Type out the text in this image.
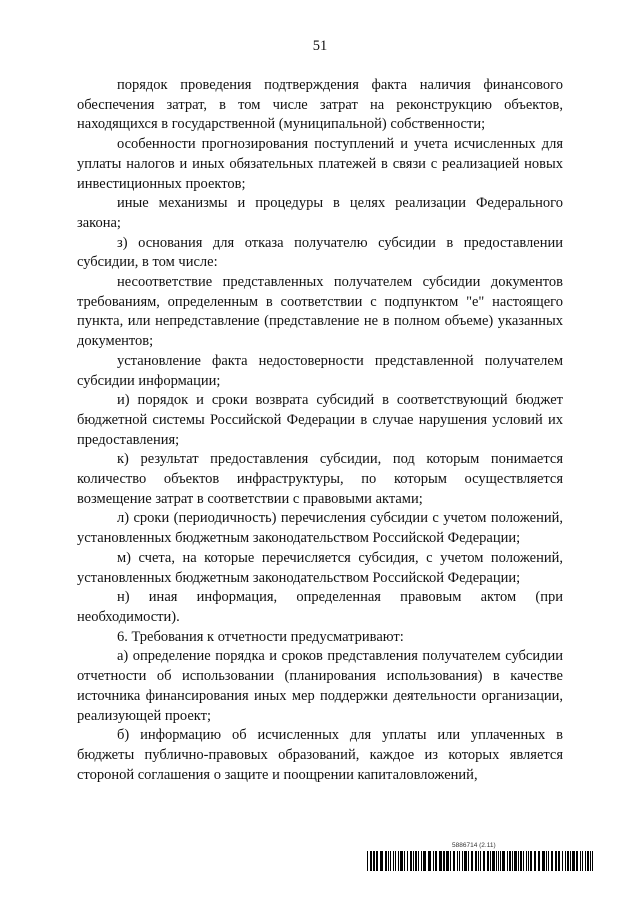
51

порядок проведения подтверждения факта наличия финансового обеспечения затрат, в том числе затрат на реконструкцию объектов, находящихся в государственной (муниципальной) собственности;

особенности прогнозирования поступлений и учета исчисленных для уплаты налогов и иных обязательных платежей в связи с реализацией новых инвестиционных проектов;

иные механизмы и процедуры в целях реализации Федерального закона;

з) основания для отказа получателю субсидии в предоставлении субсидии, в том числе:

несоответствие представленных получателем субсидии документов требованиям, определенным в соответствии с подпунктом "е" настоящего пункта, или непредставление (представление не в полном объеме) указанных документов;

установление факта недостоверности представленной получателем субсидии информации;

и) порядок и сроки возврата субсидий в соответствующий бюджет бюджетной системы Российской Федерации в случае нарушения условий их предоставления;

к) результат предоставления субсидии, под которым понимается количество объектов инфраструктуры, по которым осуществляется возмещение затрат в соответствии с правовыми актами;

л) сроки (периодичность) перечисления субсидии с учетом положений, установленных бюджетным законодательством Российской Федерации;

м) счета, на которые перечисляется субсидия, с учетом положений, установленных бюджетным законодательством Российской Федерации;

н) иная информация, определенная правовым актом (при необходимости).

6. Требования к отчетности предусматривают:

а) определение порядка и сроков представления получателем субсидии отчетности об использовании (планирования использования) в качестве источника финансирования иных мер поддержки деятельности организации, реализующей проект;

б) информацию об исчисленных для уплаты или уплаченных в бюджеты публично-правовых образований, каждое из которых является стороной соглашения о защите и поощрении капиталовложений,

5886714 (2.11)
